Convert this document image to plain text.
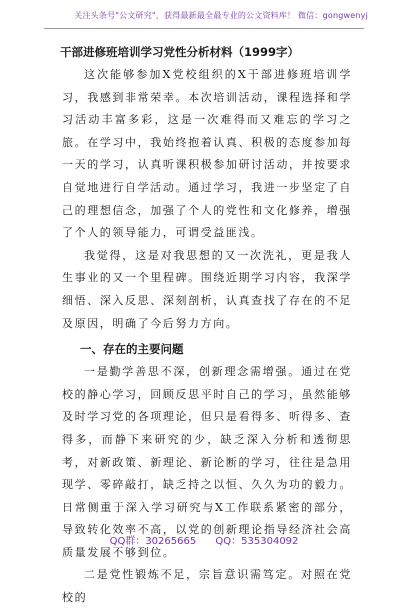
关注头条号"公文研究"，获得最新最全最专业的公文资料库！ 微信：gongwenyj
干部进修班培训学习党性分析材料（1999字）

这次能够参加X党校组织的X干部进修班培训学习，我感到非常荣幸。本次培训活动，课程选择和学习活动丰富多彩，这是一次难得而又难忘的学习之旅。在学习中，我始终抱着认真、积极的态度参加每一天的学习，认真听课积极参加研讨活动，并按要求自觉地进行自学活动。通过学习，我进一步坚定了自己的理想信念，加强了个人的党性和文化修养，增强了个人的领导能力，可谓受益匪浅。

我觉得，这是对我思想的又一次洗礼，更是我人生事业的又一个里程碑。围绕近期学习内容，我深学细悟、深入反思、深刻剖析，认真查找了存在的不足及原因，明确了今后努力方向。

一、存在的主要问题

一是勤学善思不深，创新理念需增强。通过在党校的静心学习，回顾反思平时自己的学习，虽然能够及时学习党的各项理论，但只是看得多、听得多、查得多，而静下来研究的少，缺乏深入分析和透彻思考，对新政策、新理论、新论断的学习，往往是急用现学、零碎敲打，缺乏持之以恒、久久为功的毅力。日常侧重于深入学习研究与X工作联系紧密的部分，导致转化效率不高，以党的创新理论指导经济社会高质量发展不够到位。

二是党性锻炼不足，宗旨意识需笃定。对照在党校的

QQ群：30265665 QQ：535304092
